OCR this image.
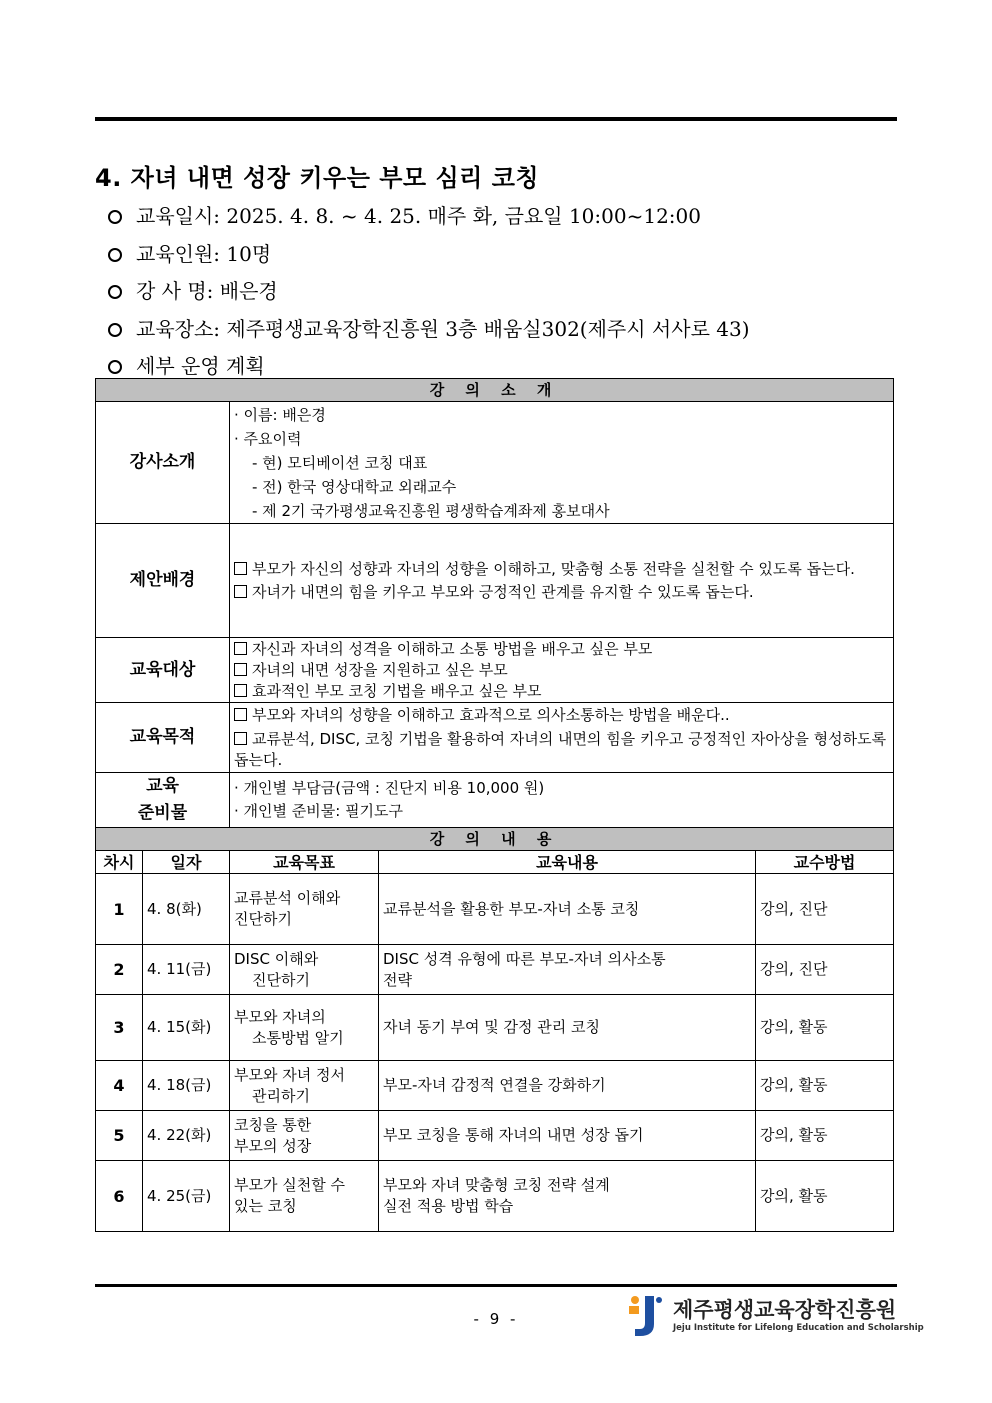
4. 자녀 내면 성장 키우는 부모 심리 코칭
교육일시: 2025. 4. 8. ~ 4. 25. 매주 화, 금요일 10:00~12:00
교육인원: 10명
강 사 명: 배은경
교육장소: 제주평생교육장학진흥원 3층 배움실302(제주시 서사로 43)
세부 운영 계획
강 의 소 개				
강사소개		· 이름: 배은경
· 주요이력
- 현) 모티베이션 코칭 대표
- 전) 한국 영상대학교 외래교수
- 제 2기 국가평생교육진흥원 평생학습계좌제 홍보대사		

제안배경		부모가 자신의 성향과 자녀의 성향을 이해하고, 맞춤형 소통 전략을 실천할 수 있도록 돕는다.
자녀가 내면의 힘을 키우고 부모와 긍정적인 관계를 유지할 수 있도록 돕는다.		

교육대상		자신과 자녀의 성격을 이해하고 소통 방법을 배우고 싶은 부모
자녀의 내면 성장을 지원하고 싶은 부모
효과적인 부모 코칭 기법을 배우고 싶은 부모		

교육목적		부모와 자녀의 성향을 이해하고 효과적으로 의사소통하는 방법을 배운다..
교류분석, DISC, 코칭 기법을 활용하여 자녀의 내면의 힘을 키우고 긍정적인 자아상을 형성하도록 돕는다.		

교육
준비물		· 개인별 부담금(금액 : 진단지 비용 10,000 원)
· 개인별 준비물: 필기도구		

강 의 내 용				
차시	일자	교육목표	교육내용	교수방법
1	4. 8(화)	교류분석 이해와
진단하기	교류분석을 활용한 부모-자녀 소통 코칭	강의, 진단
2	4. 11(금)	DISC 이해와
진단하기	DISC 성격 유형에 따른 부모-자녀 의사소통
전략	강의, 진단
3	4. 15(화)	부모와 자녀의
소통방법 알기	자녀 동기 부여 및 감정 관리 코칭	강의, 활동
4	4. 18(금)	부모와 자녀 정서
관리하기	부모-자녀 감정적 연결을 강화하기	강의, 활동
5	4. 22(화)	코칭을 통한
부모의 성장	부모 코칭을 통해 자녀의 내면 성장 돕기	강의, 활동
6	4. 25(금)	부모가 실천할 수
있는 코칭	부모와 자녀 맞춤형 코칭 전략 설계
실전 적용 방법 학습	강의, 활동
- 9 -	제주평생교육장학진흥원
Jeju Institute for Lifelong Education and Scholarship
